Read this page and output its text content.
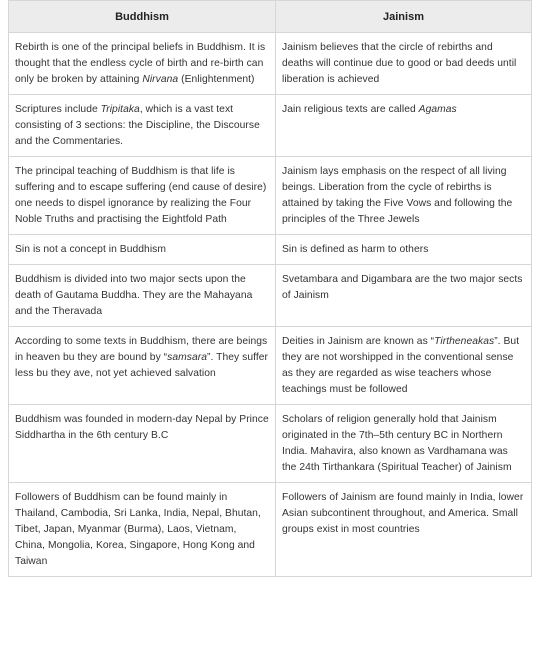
Buddhism	Jainism
Rebirth is one of the principal beliefs in Buddhism. It is thought that the endless cycle of birth and re-birth can only be broken by attaining Nirvana (Enlightenment)	Jainism believes that the circle of rebirths and deaths will continue due to good or bad deeds until liberation is achieved
Scriptures include Tripitaka, which is a vast text consisting of 3 sections: the Discipline, the Discourse and the Commentaries.	Jain religious texts are called Agamas
The principal teaching of Buddhism is that life is suffering and to escape suffering (end cause of desire) one needs to dispel ignorance by realizing the Four Noble Truths and practising the Eightfold Path	Jainism lays emphasis on the respect of all living beings. Liberation from the cycle of rebirths is attained by taking the Five Vows and following the principles of the Three Jewels
Sin is not a concept in Buddhism	Sin is defined as harm to others
Buddhism is divided into two major sects upon the death of Gautama Buddha. They are the Mahayana and the Theravada	Svetambara and Digambara are the two major sects of Jainism
According to some texts in Buddhism, there are beings in heaven bu they are bound by “samsara”. They suffer less bu they ave, not yet achieved salvation	Deities in Jainism are known as “Tirtheneakas”. But they are not worshipped in the conventional sense as they are regarded as wise teachers whose teachings must be followed
Buddhism was founded in modern-day Nepal by Prince Siddhartha in the 6th century B.C	Scholars of religion generally hold that Jainism originated in the 7th–5th century BC in Northern India. Mahavira, also known as Vardhamana was the 24th Tirthankara (Spiritual Teacher) of Jainism
Followers of Buddhism can be found mainly in Thailand, Cambodia, Sri Lanka, India, Nepal, Bhutan, Tibet, Japan, Myanmar (Burma), Laos, Vietnam, China, Mongolia, Korea, Singapore, Hong Kong and Taiwan	Followers of Jainism are found mainly in India, lower Asian subcontinent throughout, and America. Small groups exist in most countries
